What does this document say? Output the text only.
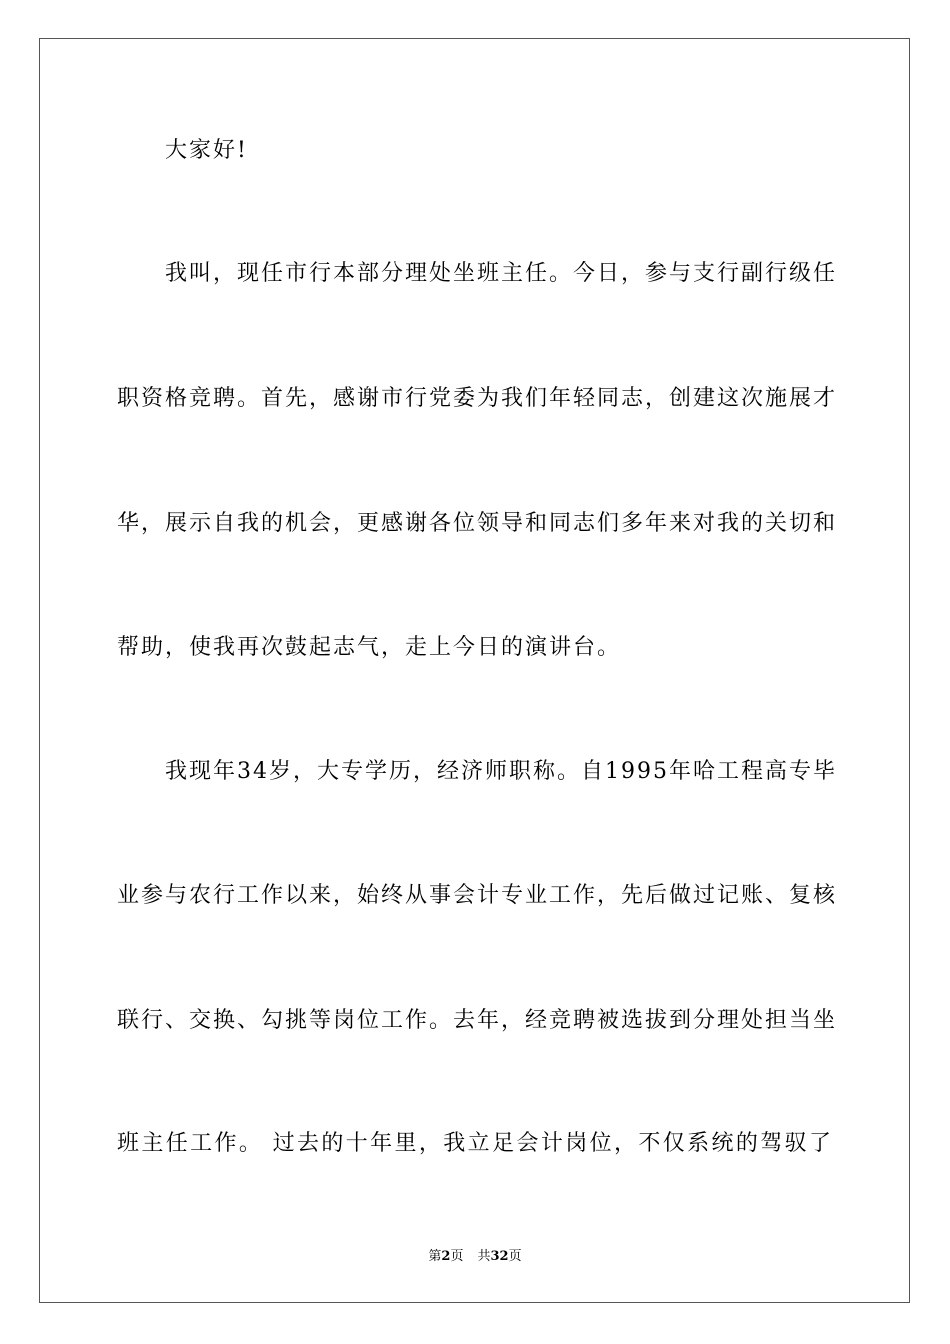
大家好!
我叫，现任市行本部分理处坐班主任。今日，参与支行副行级任
职资格竞聘。首先，感谢市行党委为我们年轻同志，创建这次施展才
华，展示自我的机会，更感谢各位领导和同志们多年来对我的关切和
帮助，使我再次鼓起志气，走上今日的演讲台。
我现年34岁，大专学历，经济师职称。自1995年哈工程高专毕
业参与农行工作以来，始终从事会计专业工作，先后做过记账、复核
联行、交换、勾挑等岗位工作。去年，经竞聘被选拔到分理处担当坐
班主任工作。 过去的十年里，我立足会计岗位，不仅系统的驾驭了
第2页 共32页
